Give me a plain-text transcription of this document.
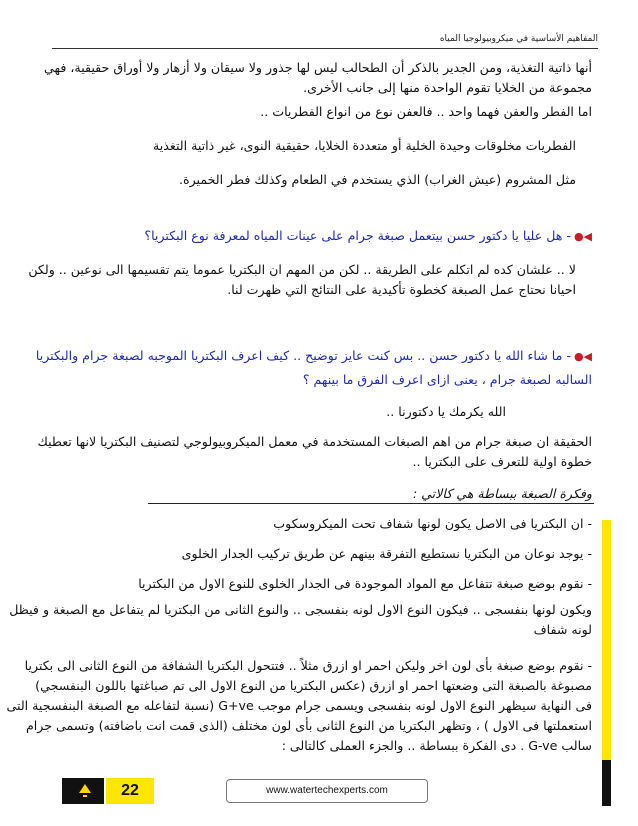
المفاهيم الأساسية في ميكروبيولوجيا المياه
أنها ذاتية التغذية، ومن الجدير بالذكر أن الطحالب ليس لها جذور ولا سيقان ولا أزهار ولا أوراق حقيقية، فهي
مجموعة من الخلايا تقوم الواحدة منها إلى جانب الأخرى.
اما الفطر والعفن فهما واحد .. فالعفن نوع من انواع الفطريات ..
الفطريات مخلوقات وحيدة الخلية أو متعددة الخلايا، حقيقية النوى، غير ذاتية التغذية
مثل المشروم (عيش الغراب) الذي يستخدم في الطعام وكذلك فطر الخميرة.
◀●- هل عليا يا دكتور حسن بيتعمل صبغة جرام على عينات المياه لمعرفة نوع البكتريا؟
لا .. علشان كده لم اتكلم على الطريقة .. لكن من المهم ان البكتريا عموما يتم تقسيمها الى نوعين .. ولكن
احيانا نحتاج عمل الصبغة كخطوة تأكيدية على النتائج التي ظهرت لنا.
◀●- ما شاء الله يا دكتور حسن .. بس كنت عايز توضيح .. كيف اعرف البكتريا الموجبه لصبغة جرام والبكتريا
السالبه لصبغة جرام ، يعنى ازاى اعرف الفرق ما بينهم ؟
الله يكرمك يا دكتورنا ..
الحقيقة ان صبغة جرام من اهم الصبغات المستخدمة في معمل الميكروبيولوجي لتصنيف البكتريا لانها تعطيك
خطوة اولية للتعرف على البكتريا ..
وفكرة الصبغة ببساطة هي كالاتي :
- ان البكتريا فى الاصل يكون لونها شفاف تحت الميكروسكوب
- يوجد نوعان من البكتريا نستطيع التفرقة بينهم عن طريق تركيب الجدار الخلوى
- نقوم بوضع صبغة تتفاعل مع المواد الموجودة فى الجدار الخلوى للنوع الاول من البكتريا
ويكون لونها بنفسجى .. فيكون النوع الاول لونه بنفسجى .. والنوع الثانى من البكتريا لم يتفاعل مع الصبغة و فيظل
لونه شفاف
- نقوم بوضع صبغة بأى لون اخر وليكن احمر او ازرق مثلاً .. فتتحول البكتريا الشفافة من النوع الثانى الى بكتريا
مصبوغة بالصبغة التى وضعتها احمر او ازرق (عكس البكتريا من النوع الاول الى تم صباغتها باللون البنفسجي)
فى النهاية سيظهر النوع الاول لونه بنفسجى ويسمى جرام موجب G+ve (نسبة لتفاعله مع الصبغة البنفسجية التى
استعملتها فى الاول ) ، وتظهر البكتريا من النوع الثانى بأى لون مختلف (الذى قمت انت باضافته) وتسمى جرام
سالب G-ve . دى الفكرة ببساطة .. والجزء العملى كالتالى :
22	www.watertechexperts.com
